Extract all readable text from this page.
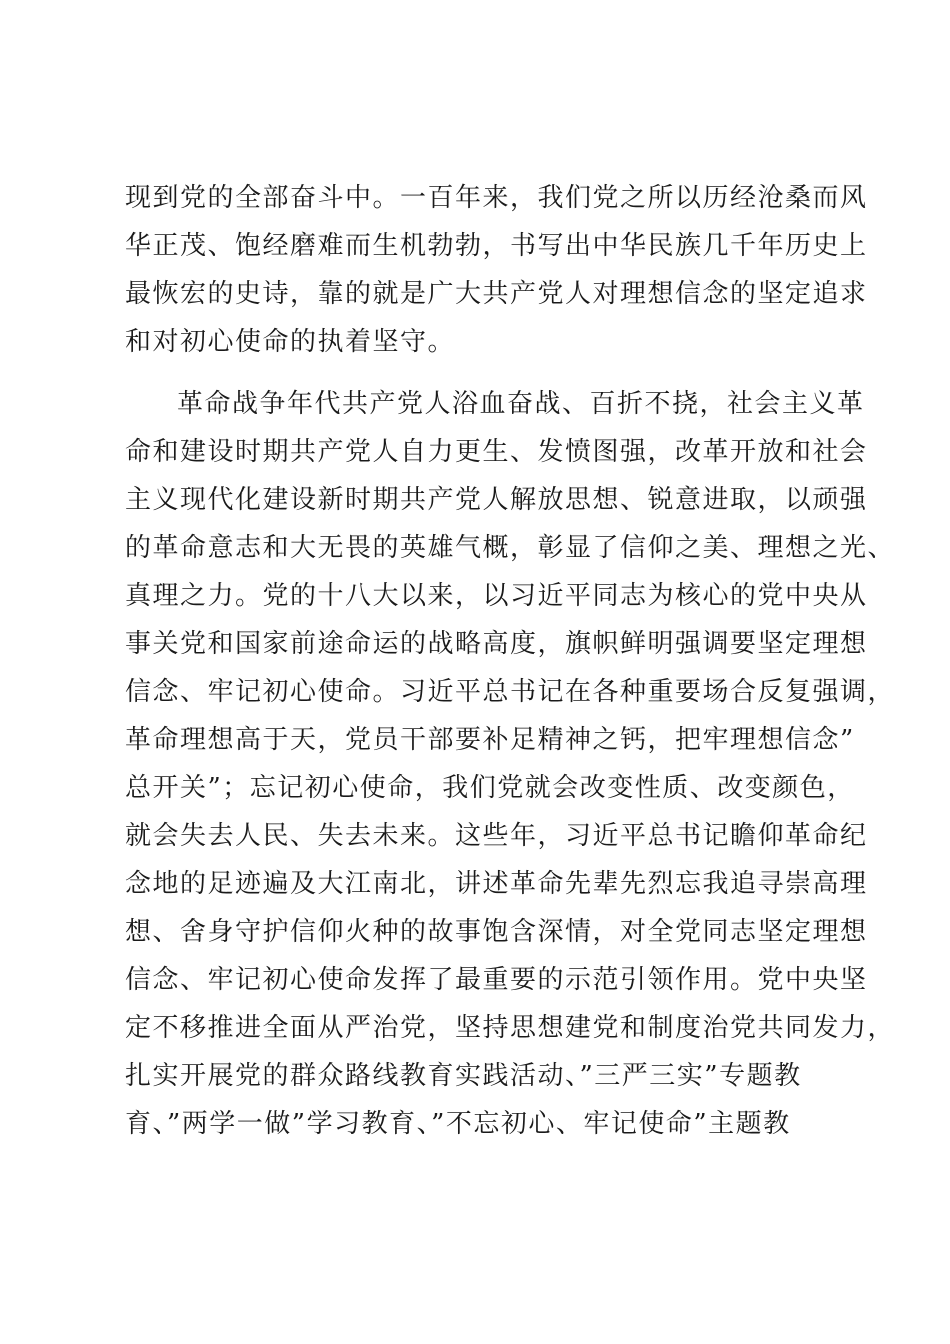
现到党的全部奋斗中。一百年来，我们党之所以历经沧桑而风
华正茂、饱经磨难而生机勃勃，书写出中华民族几千年历史上
最恢宏的史诗，靠的就是广大共产党人对理想信念的坚定追求
和对初心使命的执着坚守。
革命战争年代共产党人浴血奋战、百折不挠，社会主义革
命和建设时期共产党人自力更生、发愤图强，改革开放和社会
主义现代化建设新时期共产党人解放思想、锐意进取，以顽强
的革命意志和大无畏的英雄气概，彰显了信仰之美、理想之光、
真理之力。党的十八大以来，以习近平同志为核心的党中央从
事关党和国家前途命运的战略高度，旗帜鲜明强调要坚定理想
信念、牢记初心使命。习近平总书记在各种重要场合反复强调，
革命理想高于天，党员干部要补足精神之钙，把牢理想信念”
总开关”；忘记初心使命，我们党就会改变性质、改变颜色，
就会失去人民、失去未来。这些年，习近平总书记瞻仰革命纪
念地的足迹遍及大江南北，讲述革命先辈先烈忘我追寻崇高理
想、舍身守护信仰火种的故事饱含深情，对全党同志坚定理想
信念、牢记初心使命发挥了最重要的示范引领作用。党中央坚
定不移推进全面从严治党，坚持思想建党和制度治党共同发力，
扎实开展党的群众路线教育实践活动、”三严三实”专题教
育、”两学一做”学习教育、”不忘初心、牢记使命”主题教
